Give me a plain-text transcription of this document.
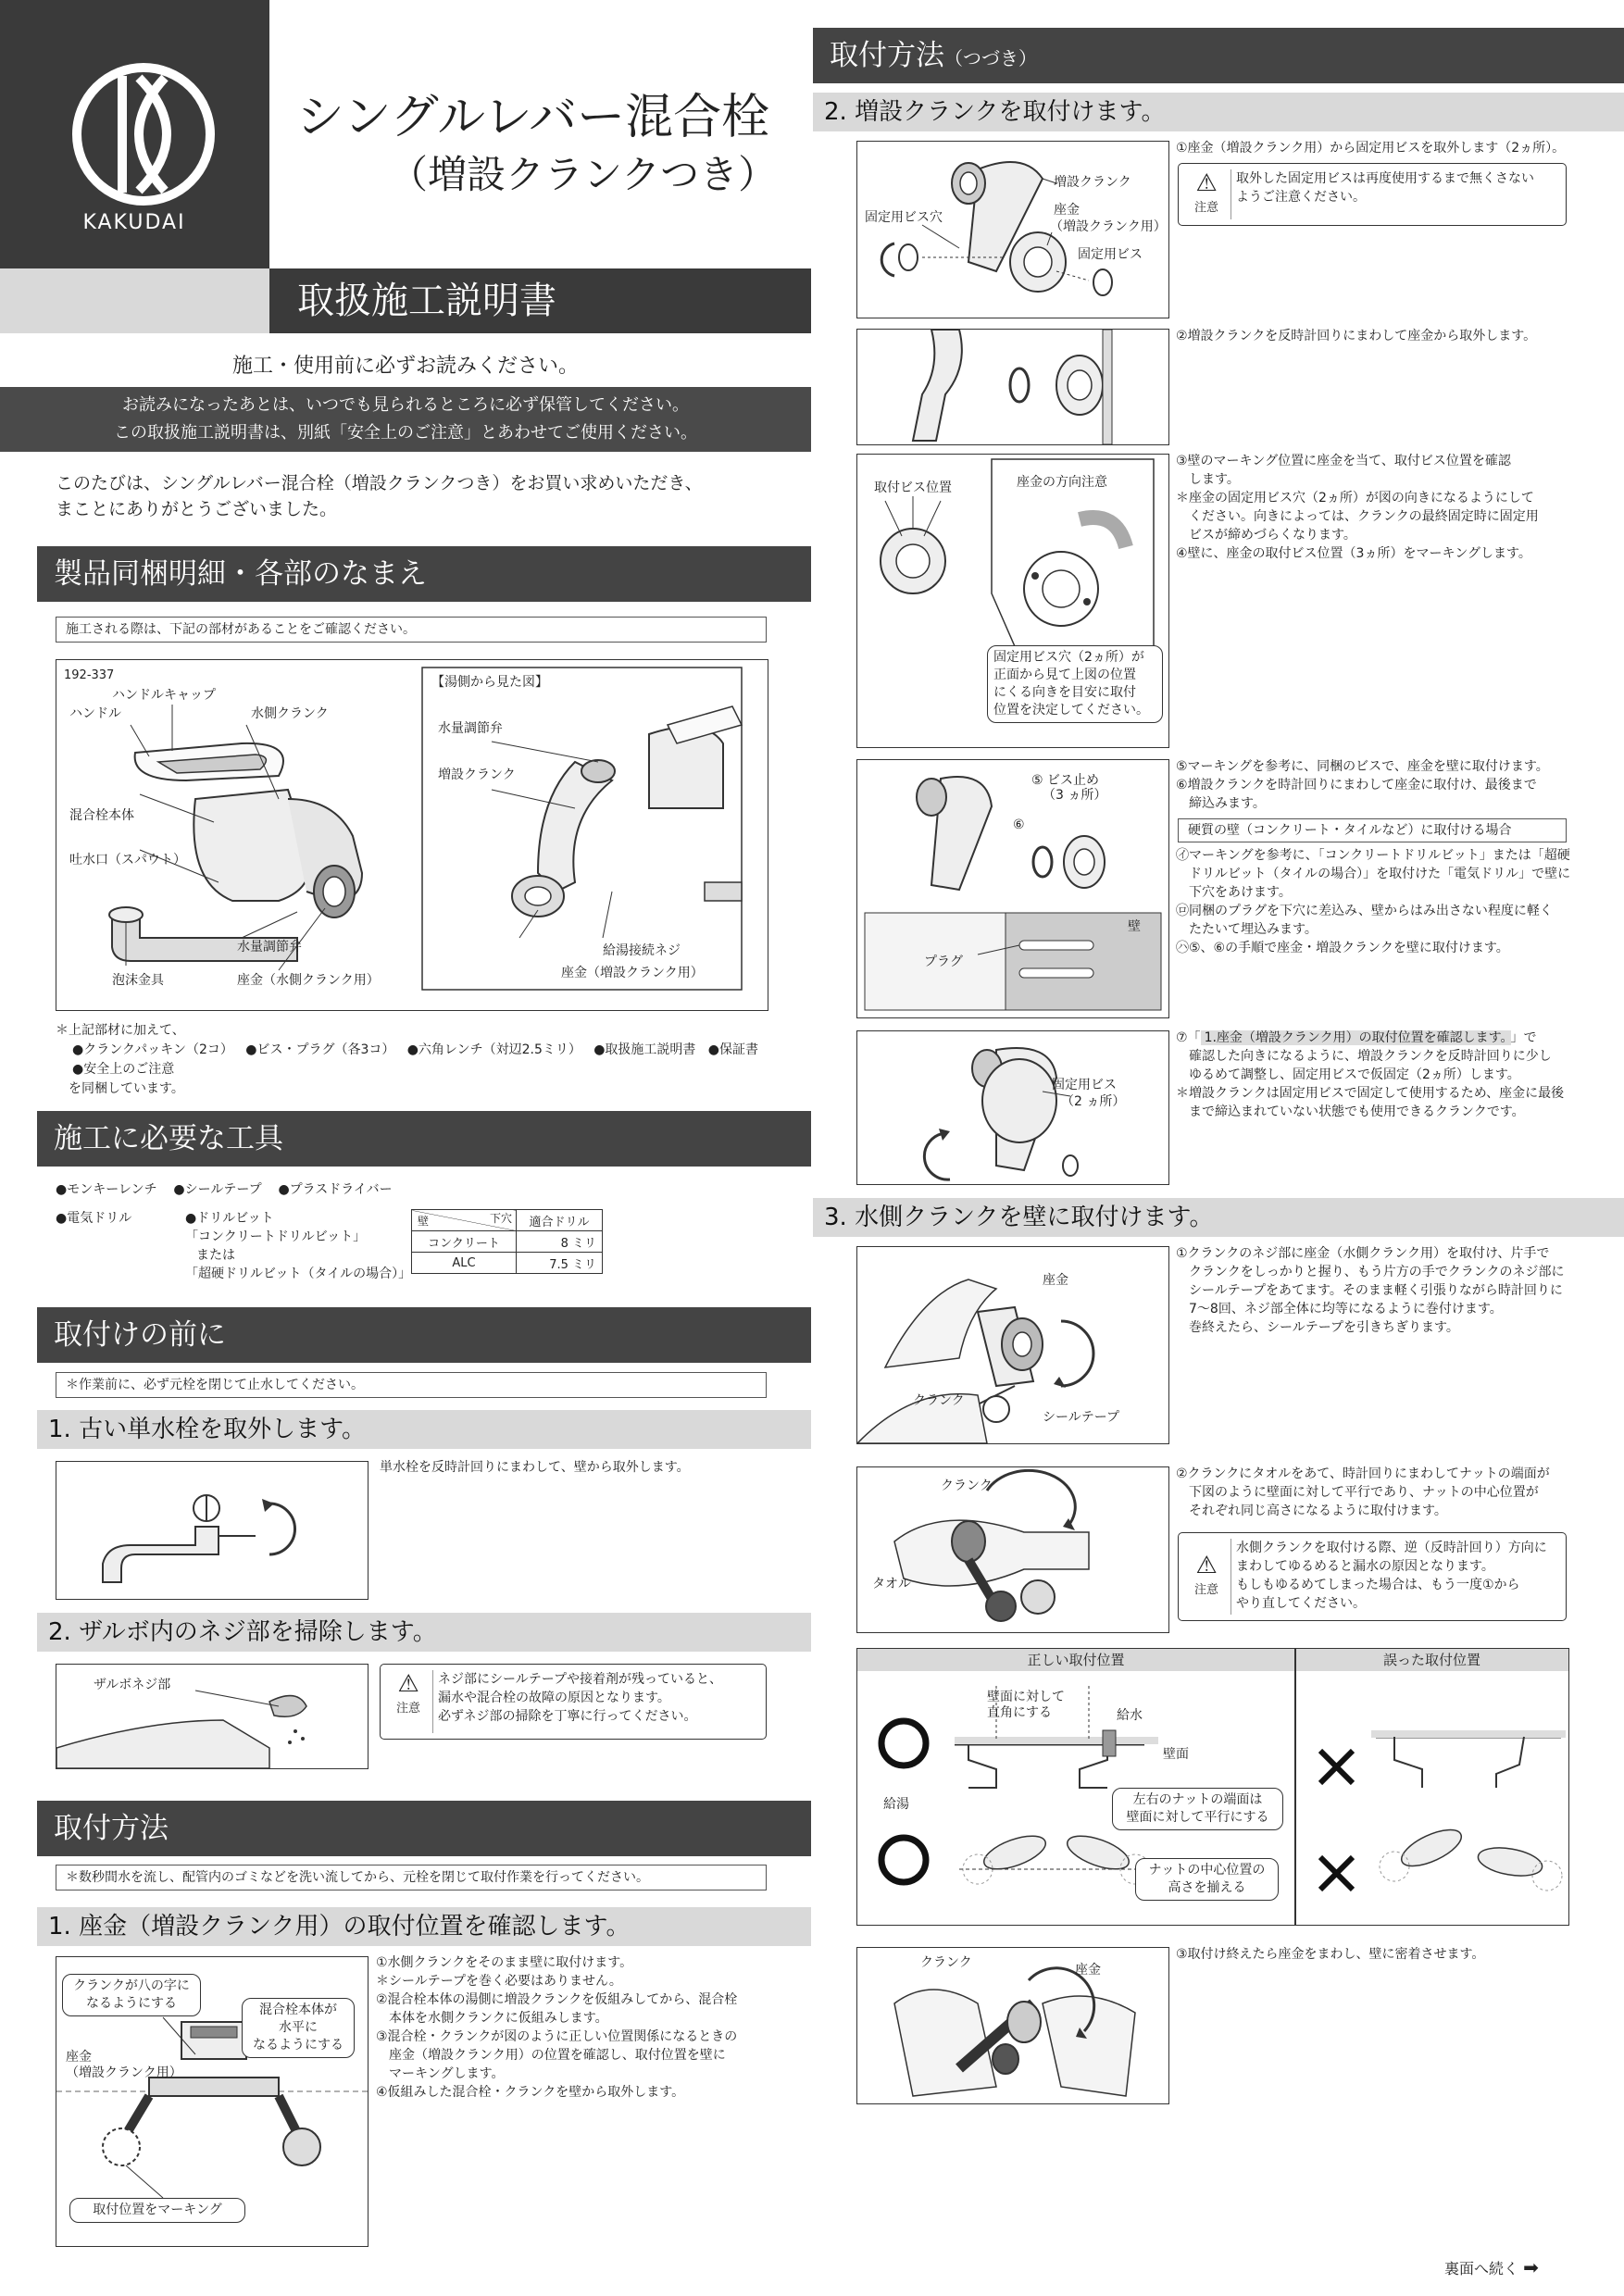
KAKUDAI
シングルレバー混合栓
（増設クランクつき）
取扱施工説明書
施工・使用前に必ずお読みください。
お読みになったあとは、いつでも見られるところに必ず保管してください。
この取扱施工説明書は、別紙「安全上のご注意」とあわせてご使用ください。
このたびは、シングルレバー混合栓（増設クランクつき）をお買い求めいただき、
まことにありがとうございました。
製品同梱明細・各部のなまえ
施工される際は、下記の部材があることをご確認ください。
192-337
ハンドルキャップ
ハンドル	水側クランク
混合栓本体
吐水口（スパウト）
水量調節弁
泡沫金具	座金（水側クランク用）
【湯側から見た図】
水量調節弁
増設クランク
給湯接続ネジ
座金（増設クランク用）
＊上記部材に加えて、
●クランクパッキン（2コ） ●ビス・プラグ（各3コ） ●六角レンチ（対辺2.5ミリ） ●取扱施工説明書 ●保証書
●安全上のご注意
を同梱しています。
施工に必要な工具
●モンキーレンチ ●シールテープ ●プラスドライバー
●電気ドリル	●ドリルビット
「コンクリートドリルビット」
または
「超硬ドリルビット（タイルの場合）」
壁 下穴	適合ドリル
コンクリート	8 ミリ
ALC	7.5 ミリ
取付けの前に
＊作業前に、必ず元栓を閉じて止水してください。
1. 古い単水栓を取外します。
単水栓を反時計回りにまわして、壁から取外します。
2. ザルボ内のネジ部を掃除します。
ザルボネジ部	⚠
注意
ネジ部にシールテープや接着剤が残っていると、
漏水や混合栓の故障の原因となります。
必ずネジ部の掃除を丁寧に行ってください。
取付方法
＊数秒間水を流し、配管内のゴミなどを洗い流してから、元栓を閉じて取付作業を行ってください。
1. 座金（増設クランク用）の取付位置を確認します。
クランクが八の字に
なるようにする	混合栓本体が
水平に
なるようにする
座金
（増設クランク用）
取付位置をマーキング
①水側クランクをそのまま壁に取付けます。
＊シールテープを巻く必要はありません。
②混合栓本体の湯側に増設クランクを仮組みしてから、混合栓
　本体を水側クランクに仮組みします。
③混合栓・クランクが図のように正しい位置関係になるときの
　座金（増設クランク用）の位置を確認し、取付位置を壁に
　マーキングします。
④仮組みした混合栓・クランクを壁から取外します。
取付方法（つづき）
2. 増設クランクを取付けます。
増設クランク
座金
（増設クランク用）
固定用ビス穴
固定用ビス
①座金（増設クランク用）から固定用ビスを取外します（2ヵ所）。
⚠
注意
取外した固定用ビスは再度使用するまで無くさない
ようご注意ください。
②増設クランクを反時計回りにまわして座金から取外します。
取付ビス位置	座金の方向注意
固定用ビス穴（2ヵ所）が
正面から見て上図の位置
にくる向きを目安に取付
位置を決定してください。
③壁のマーキング位置に座金を当て、取付ビス位置を確認
　します。
＊座金の固定用ビス穴（2ヵ所）が図の向きになるようにして
　ください。向きによっては、クランクの最終固定時に固定用
　ビスが締めづらくなります。
④壁に、座金の取付ビス位置（3ヵ所）をマーキングします。
⑤ ビス止め
（3 ヵ所）
⑥
プラグ
壁
⑤マーキングを参考に、同梱のビスで、座金を壁に取付けます。
⑥増設クランクを時計回りにまわして座金に取付け、最後まで
　締込みます。
硬質の壁（コンクリート・タイルなど）に取付ける場合
㋑マーキングを参考に、「コンクリートドリルビット」または「超硬
　ドリルビット（タイルの場合）」を取付けた「電気ドリル」で壁に
　下穴をあけます。
㋺同梱のプラグを下穴に差込み、壁からはみ出さない程度に軽く
　たたいて埋込みます。
㋩⑤、⑥の手順で座金・増設クランクを壁に取付けます。
固定用ビス
（2 ヵ所）
⑦「 1.座金（増設クランク用）の取付位置を確認します。 」で
　確認した向きになるように、増設クランクを反時計回りに少し
　ゆるめて調整し、固定用ビスで仮固定（2ヵ所）します。
＊増設クランクは固定用ビスで固定して使用するため、座金に最後
　まで締込まれていない状態でも使用できるクランクです。
3. 水側クランクを壁に取付けます。
座金
クランク
シールテープ
①クランクのネジ部に座金（水側クランク用）を取付け、片手で
　クランクをしっかりと握り、もう片方の手でクランクのネジ部に
　シールテープをあてます。そのまま軽く引張りながら時計回りに
　7～8回、ネジ部全体に均等になるように巻付けます。
　巻終えたら、シールテープを引きちぎります。
クランク
タオル
②クランクにタオルをあて、時計回りにまわしてナットの端面が
　下図のように壁面に対して平行であり、ナットの中心位置が
　それぞれ同じ高さになるように取付けます。
⚠
注意
水側クランクを取付ける際、逆（反時計回り）方向に
まわしてゆるめると漏水の原因となります。
もしもゆるめてしまった場合は、もう一度①から
やり直してください。
正しい取付位置	誤った取付位置
壁面に対して
直角にする	給水
壁面
給湯	左右のナットの端面は
壁面に対して平行にする
ナットの中心位置の
高さを揃える
クランク	座金
③取付け終えたら座金をまわし、壁に密着させます。
裏面へ続く ➡
